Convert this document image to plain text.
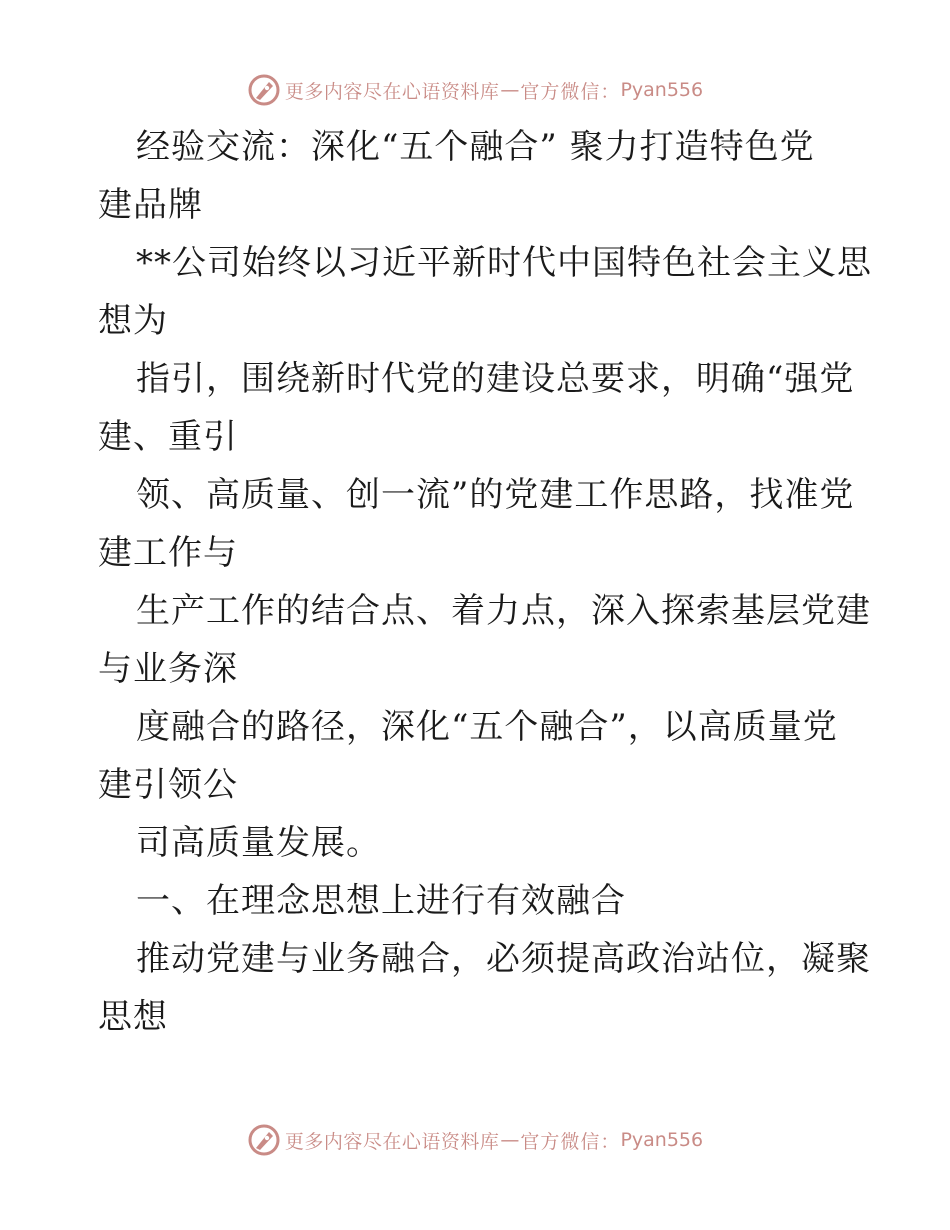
更多内容尽在心语资料库 — 官方微信： Pyan556
经验交流：深化“五个融合” 聚力打造特色党
建品牌
**公司始终以习近平新时代中国特色社会主义思
想为
指引，围绕新时代党的建设总要求，明确“强党
建、重引
领、高质量、创一流”的党建工作思路，找准党
建工作与
生产工作的结合点、着力点，深入探索基层党建
与业务深
度融合的路径，深化“五个融合”，以高质量党
建引领公
司高质量发展。
一、在理念思想上进行有效融合
推动党建与业务融合，必须提高政治站位，凝聚
思想
更多内容尽在心语资料库 — 官方微信： Pyan556
